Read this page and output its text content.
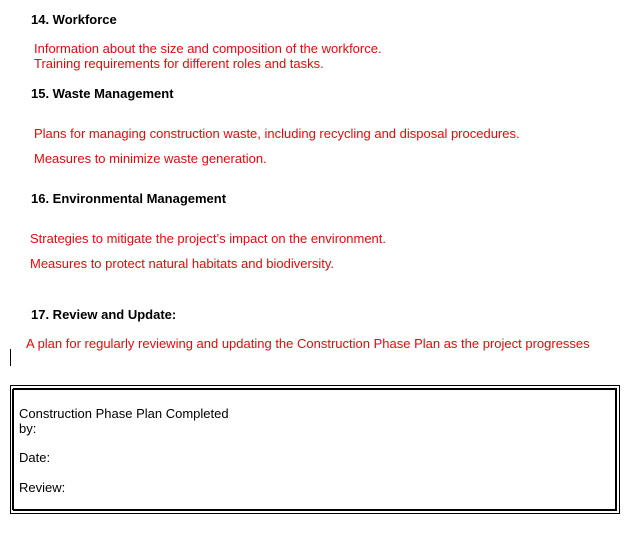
14. Workforce
Information about the size and composition of the workforce.
Training requirements for different roles and tasks.
15. Waste Management
Plans for managing construction waste, including recycling and disposal procedures.
Measures to minimize waste generation.
16. Environmental Management
Strategies to mitigate the project’s impact on the environment.
Measures to protect natural habitats and biodiversity.
17. Review and Update:
A plan for regularly reviewing and updating the Construction Phase Plan as the project progresses
Construction Phase Plan Completed
by:
Date:
Review:
